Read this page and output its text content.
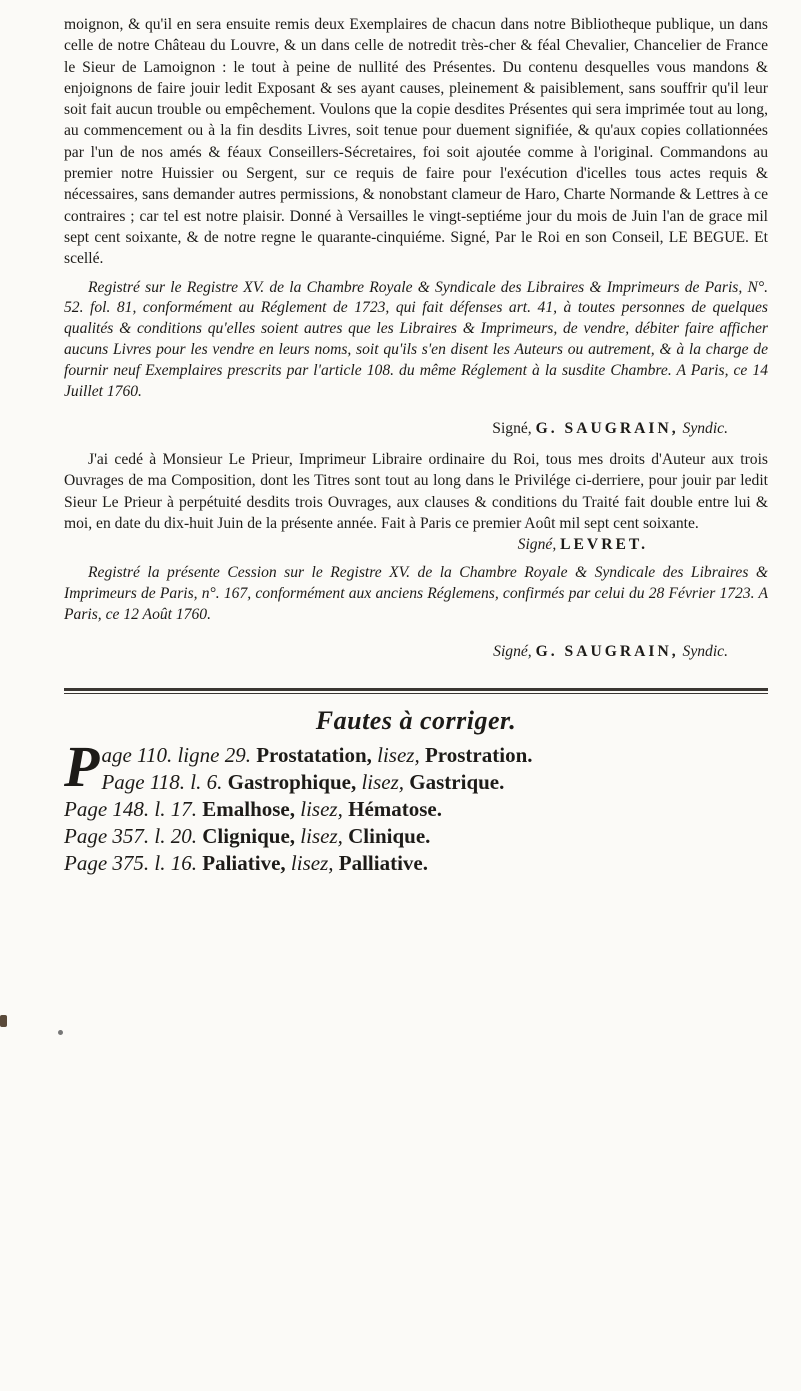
moignon, & qu'il en sera ensuite remis deux Exemplaires de chacun dans notre Bibliotheque publique, un dans celle de notre Château du Louvre, & un dans celle de notredit très-cher & féal Chevalier, Chancelier de France le Sieur de Lamoignon : le tout à peine de nullité des Présentes. Du contenu desquelles vous mandons & enjoignons de faire jouir ledit Exposant & ses ayant causes, pleinement & paisiblement, sans souffrir qu'il leur soit fait aucun trouble ou empêchement. Voulons que la copie desdites Présentes qui sera imprimée tout au long, au commencement ou à la fin desdits Livres, soit tenue pour duement signifiée, & qu'aux copies collationnées par l'un de nos amés & féaux Conseillers-Sécretaires, foi soit ajoutée comme à l'original. Commandons au premier notre Huissier ou Sergent, sur ce requis de faire pour l'exécution d'icelles tous actes requis & nécessaires, sans demander autres permissions, & nonobstant clameur de Haro, Charte Normande & Lettres à ce contraires ; car tel est notre plaisir. Donné à Versailles le vingt-septiéme jour du mois de Juin l'an de grace mil sept cent soixante, & de notre regne le quarante-cinquiéme. Signé, Par le Roi en son Conseil, LE BEGUE. Et scellé.

Registré sur le Registre XV. de la Chambre Royale & Syndicale des Libraires & Imprimeurs de Paris, N°. 52. fol. 81, conformément au Réglement de 1723, qui fait défenses art. 41, à toutes personnes de quelques qualités & conditions qu'elles soient autres que les Libraires & Imprimeurs, de vendre, débiter faire afficher aucuns Livres pour les vendre en leurs noms, soit qu'ils s'en disent les Auteurs ou autrement, & à la charge de fournir neuf Exemplaires prescrits par l'article 108. du même Réglement à la susdite Chambre. A Paris, ce 14 Juillet 1760.

Signé, G. SAUGRAIN, Syndic.

J'ai cedé à Monsieur Le Prieur, Imprimeur Libraire ordinaire du Roi, tous mes droits d'Auteur aux trois Ouvrages de ma Composition, dont les Titres sont tout au long dans le Privilége ci-derriere, pour jouir par ledit Sieur Le Prieur à perpétuité desdits trois Ouvrages, aux clauses & conditions du Traité fait double entre lui & moi, en date du dix-huit Juin de la présente année. Fait à Paris ce premier Août mil sept cent soixante.

Signé, LEVRET.

Registré la présente Cession sur le Registre XV. de la Chambre Royale & Syndicale des Libraires & Imprimeurs de Paris, n°. 167, conformément aux anciens Réglemens, confirmés par celui du 28 Février 1723. A Paris, ce 12 Août 1760.

Signé, G. SAUGRAIN, Syndic.

Fautes à corriger.

P age 110. ligne 29. Prostatation, lisez, Prostration.

Page 118. l. 6. Gastrophique, lisez, Gastrique.

Page 148. l. 17. Emalhose, lisez, Hématose.

Page 357. l. 20. Clignique, lisez, Clinique.

Page 375. l. 16. Paliative, lisez, Palliative.
